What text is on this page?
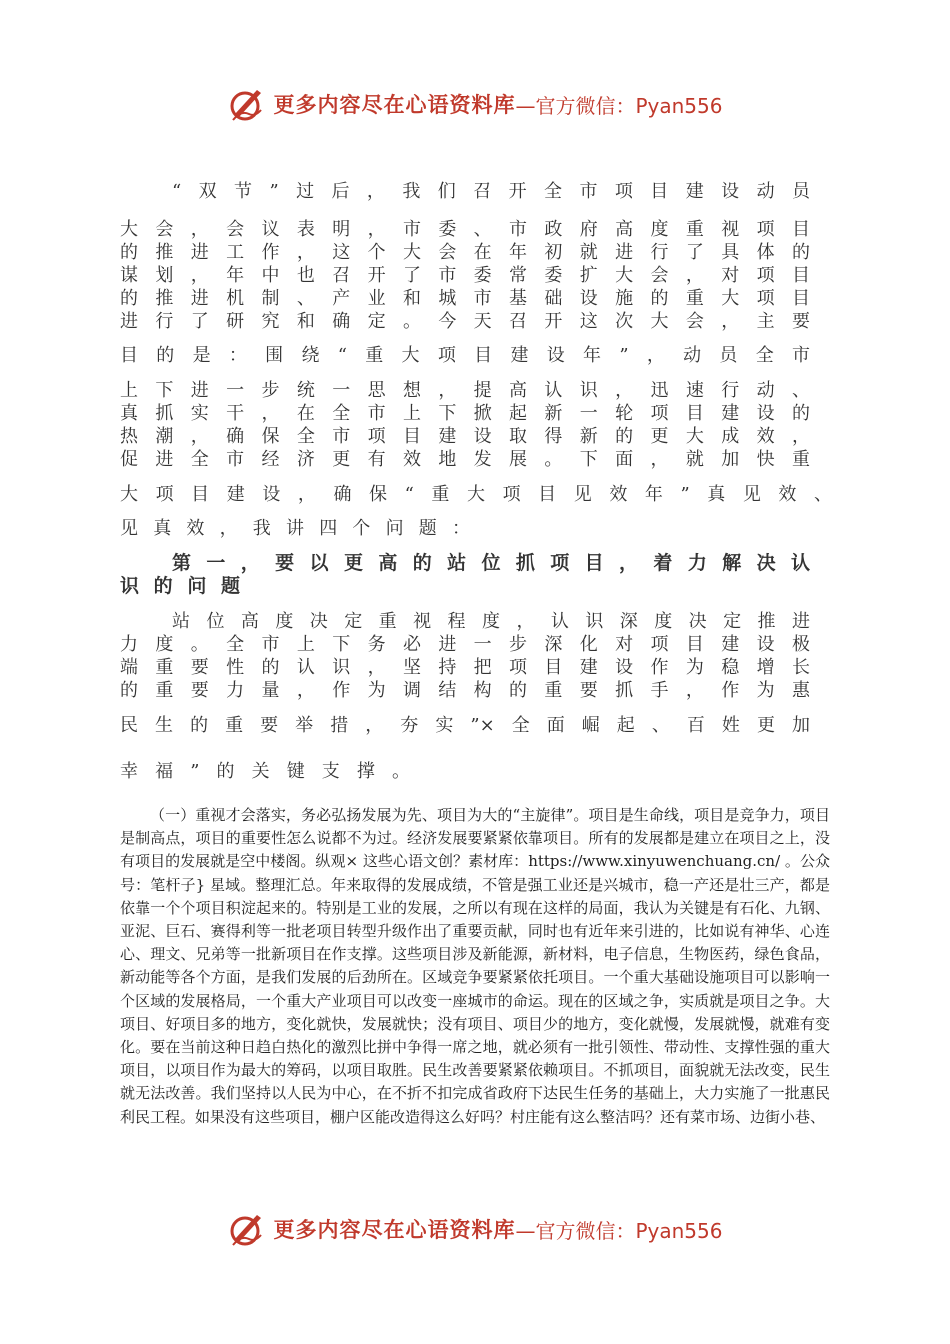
更多内容尽在心语资料库 —官方微信：Pyan556
“双节”过后，我们召开全市项目建设动员
大会，会议表明，市委、市政府高度重视项目
的推进工作，这个大会在年初就进行了具体的
谋划，年中也召开了市委常委扩大会，对项目
的推进机制、产业和城市基础设施的重大项目
进行了研究和确定。今天召开这次大会，主要
目的是：围绕“重大项目建设年”，动员全市
上下进一步统一思想，提高认识，迅速行动、
真抓实干，在全市上下掀起新一轮项目建设的
热潮，确保全市项目建设取得新的更大成效，
促进全市经济更有效地发展。下面，就加快重
大项目建设，确保“重大项目见效年”真见效、
见真效，我讲四个问题：
第一，要以更高的站位抓项目，着力解决认
识的问题
站位高度决定重视程度，认识深度决定推进
力度。全市上下务必进一步深化对项目建设极
端重要性的认识，坚持把项目建设作为稳增长
的重要力量，作为调结构的重要抓手，作为惠
民生的重要举措，夯实”×全面崛起、百姓更加
幸福”的关键支撑。

（一）重视才会落实，务必弘扬发展为先、项目为大的“主旋律”。项目是生命线，项目是竞争力，项目是制高点，项目的重要性怎么说都不为过。经济发展要紧紧依靠项目。所有的发展都是建立在项目之上，没有项目的发展就是空中楼阁。纵观× 这些心语文创？素材库：https://www.xinyuwenchuang.cn/ 。公众号：笔杆子} 星域。整理汇总。年来取得的发展成绩，不管是强工业还是兴城市，稳一产还是壮三产，都是依靠一个个项目积淀起来的。特别是工业的发展，之所以有现在这样的局面，我认为关键是有石化、九钢、亚泥、巨石、赛得利等一批老项目转型升级作出了重要贡献，同时也有近年来引进的，比如说有神华、心连心、理文、兄弟等一批新项目在作支撑。这些项目涉及新能源，新材料，电子信息，生物医药，绿色食品，新动能等各个方面，是我们发展的后劲所在。区域竞争要紧紧依托项目。一个重大基础设施项目可以影响一个区域的发展格局，一个重大产业项目可以改变一座城市的命运。现在的区域之争，实质就是项目之争。大项目、好项目多的地方，变化就快，发展就快；没有项目、项目少的地方，变化就慢，发展就慢，就难有变化。要在当前这种日趋白热化的激烈比拼中争得一席之地，就必须有一批引领性、带动性、支撑性强的重大项目，以项目作为最大的筹码，以项目取胜。民生改善要紧紧依赖项目。不抓项目，面貌就无法改变，民生就无法改善。我们坚持以人民为中心，在不折不扣完成省政府下达民生任务的基础上，大力实施了一批惠民利民工程。如果没有这些项目，棚户区能改造得这么好吗？村庄能有这么整洁吗？还有菜市场、边街小巷、

更多内容尽在心语资料库 —官方微信：Pyan556
